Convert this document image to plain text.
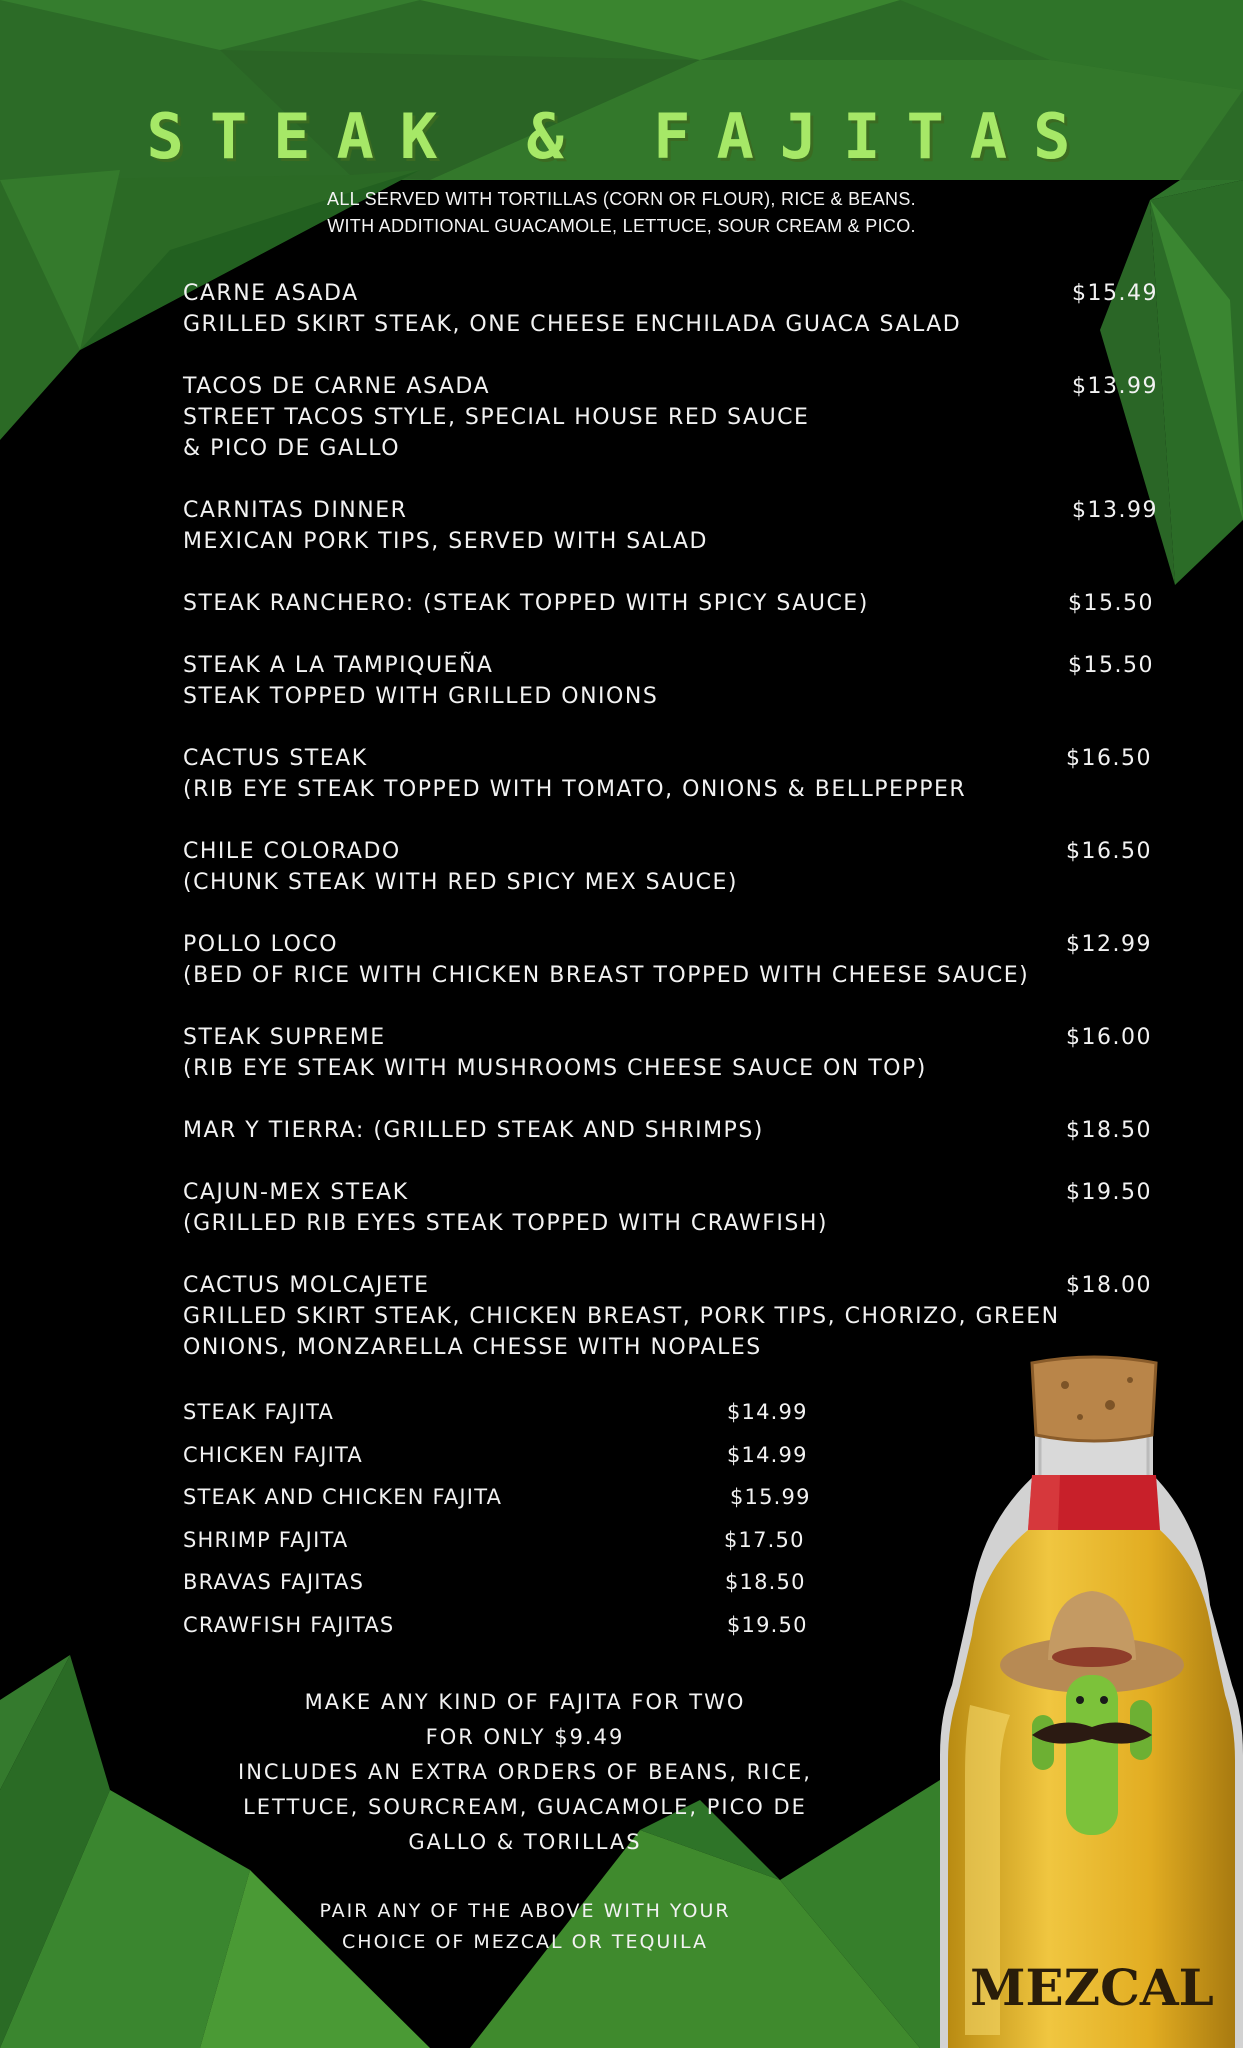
STEAK & FAJITAS
ALL SERVED WITH TORTILLAS (CORN OR FLOUR), RICE & BEANS.
WITH ADDITIONAL GUACAMOLE, LETTUCE, SOUR CREAM & PICO.
CARNE ASADA	$15.49
GRILLED SKIRT STEAK, ONE CHEESE ENCHILADA GUACA SALAD
TACOS DE CARNE ASADA	$13.99
STREET TACOS STYLE, SPECIAL HOUSE RED SAUCE
& PICO DE GALLO
CARNITAS DINNER	$13.99
MEXICAN PORK TIPS, SERVED WITH SALAD
STEAK RANCHERO: (STEAK TOPPED WITH SPICY SAUCE)	$15.50
STEAK A LA TAMPIQUEÑA	$15.50
STEAK TOPPED WITH GRILLED ONIONS
CACTUS STEAK	$16.50
(RIB EYE STEAK TOPPED WITH TOMATO, ONIONS & BELLPEPPER
CHILE COLORADO	$16.50
(CHUNK STEAK WITH RED SPICY MEX SAUCE)
POLLO LOCO	$12.99
(BED OF RICE WITH CHICKEN BREAST TOPPED WITH CHEESE SAUCE)
STEAK SUPREME	$16.00
(RIB EYE STEAK WITH MUSHROOMS CHEESE SAUCE ON TOP)
MAR Y TIERRA: (GRILLED STEAK AND SHRIMPS)	$18.50
CAJUN-MEX STEAK	$19.50
(GRILLED RIB EYES STEAK TOPPED WITH CRAWFISH)
CACTUS MOLCAJETE	$18.00
GRILLED SKIRT STEAK, CHICKEN BREAST, PORK TIPS, CHORIZO, GREEN
ONIONS, MONZARELLA CHESSE WITH NOPALES
STEAK FAJITA	$14.99
CHICKEN FAJITA	$14.99
STEAK AND CHICKEN FAJITA	$15.99
SHRIMP FAJITA	$17.50
BRAVAS FAJITAS	$18.50
CRAWFISH FAJITAS	$19.50
MAKE ANY KIND OF FAJITA FOR TWO
FOR ONLY $9.49
INCLUDES AN EXTRA ORDERS OF BEANS, RICE,
LETTUCE, SOURCREAM, GUACAMOLE, PICO DE
GALLO & TORILLAS
PAIR ANY OF THE ABOVE WITH YOUR
CHOICE OF MEZCAL OR TEQUILA
MEZCAL
